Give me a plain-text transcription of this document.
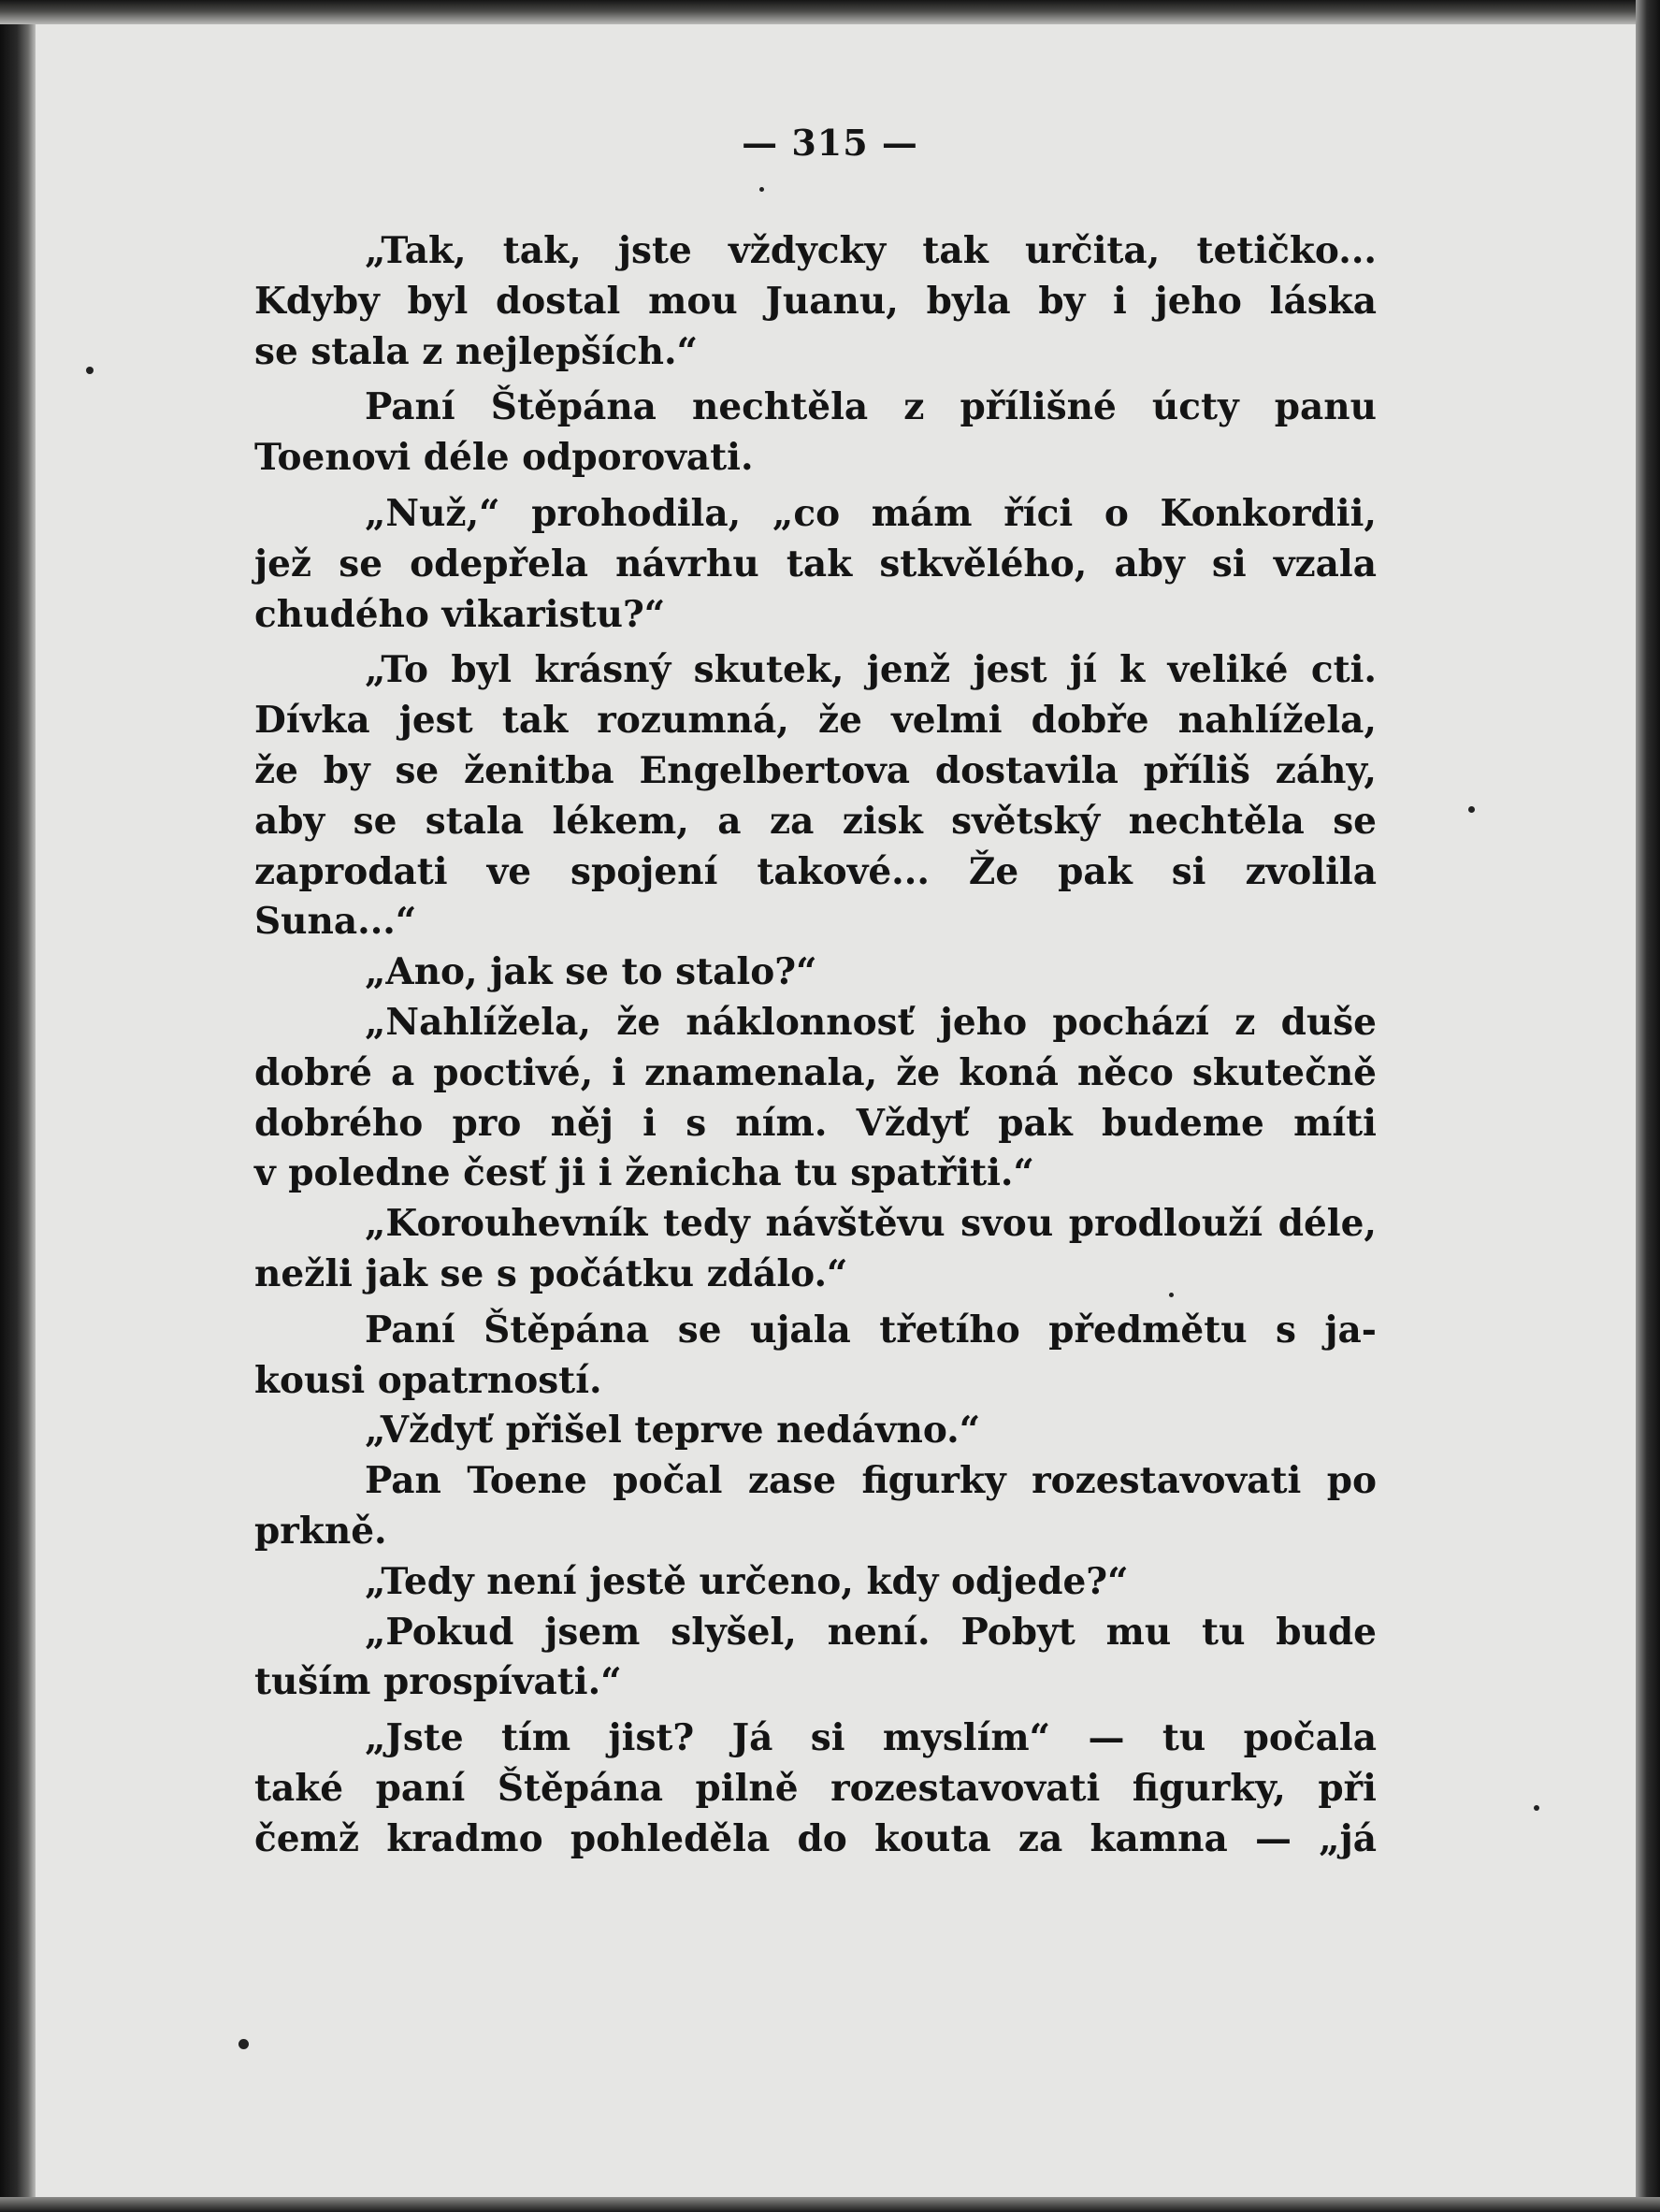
— 315 —
„Tak, tak, jste vždycky tak určita, tetičko...
Kdyby byl dostal mou Juanu, byla by i jeho láska
se stala z nejlepších.“
Paní Štěpána nechtěla z přílišné úcty panu
Toenovi déle odporovati.
„Nuž,“ prohodila, „co mám říci o Konkordii,
jež se odepřela návrhu tak stkvělého, aby si vzala
chudého vikaristu?“
„To byl krásný skutek, jenž jest jí k veliké cti.
Dívka jest tak rozumná, že velmi dobře nahlížela,
že by se ženitba Engelbertova dostavila příliš záhy,
aby se stala lékem, a za zisk světský nechtěla se
zaprodati ve spojení takové... Že pak si zvolila
Suna...“
„Ano, jak se to stalo?“
„Nahlížela, že náklonnosť jeho pochází z duše
dobré a poctivé, i znamenala, že koná něco skutečně
dobrého pro něj i s ním. Vždyť pak budeme míti
v poledne česť ji i ženicha tu spatřiti.“
„Korouhevník tedy návštěvu svou prodlouží déle,
nežli jak se s počátku zdálo.“
Paní Štěpána se ujala třetího předmětu s ja-
kousi opatrností.
„Vždyť přišel teprve nedávno.“
Pan Toene počal zase figurky rozestavovati po
prkně.
„Tedy není jestě určeno, kdy odjede?“
„Pokud jsem slyšel, není. Pobyt mu tu bude
tuším prospívati.“
„Jste tím jist? Já si myslím“ — tu počala
také paní Štěpána pilně rozestavovati figurky, při
čemž kradmo pohleděla do kouta za kamna — „já
